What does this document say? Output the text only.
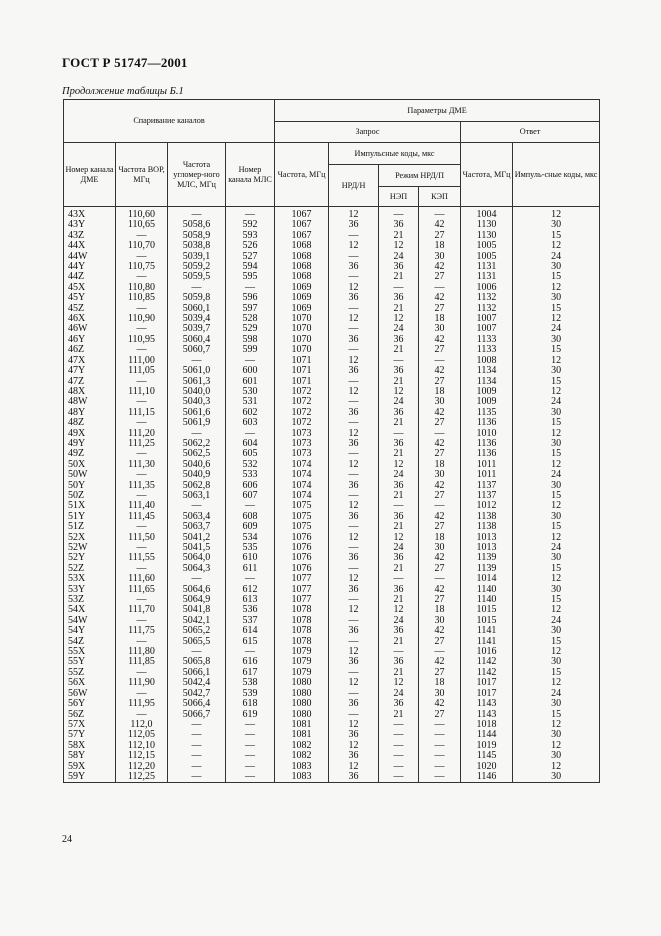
ГОСТ Р 51747—2001
Продолжение таблицы Б.1
Спаривание каналов				Параметры ДМЕ					
				Запрос				Ответ	
Номер канала ДМЕ	Частота ВОР, МГц	Частота угломер-ного МЛС, МГц	Номер канала МЛС	Частота, МГц	Импульсные коды, мкс			Частота, МГц	Импуль-сные коды, мкс
					НРД/Н	Режим НРД/П			
						НЭП	КЭП		
43X	110,60	—	—	1067	12	—	—	1004	12
43Y	110,65	5058,6	592	1067	36	36	42	1130	30
43Z	—	5058,9	593	1067	—	21	27	1130	15
44X	110,70	5038,8	526	1068	12	12	18	1005	12
44W	—	5039,1	527	1068	—	24	30	1005	24
44Y	110,75	5059,2	594	1068	36	36	42	1131	30
44Z	—	5059,5	595	1068	—	21	27	1131	15
45X	110,80	—	—	1069	12	—	—	1006	12
45Y	110,85	5059,8	596	1069	36	36	42	1132	30
45Z	—	5060,1	597	1069	—	21	27	1132	15
46X	110,90	5039,4	528	1070	12	12	18	1007	12
46W	—	5039,7	529	1070	—	24	30	1007	24
46Y	110,95	5060,4	598	1070	36	36	42	1133	30
46Z	—	5060,7	599	1070	—	21	27	1133	15
47X	111,00	—	—	1071	12	—	—	1008	12
47Y	111,05	5061,0	600	1071	36	36	42	1134	30
47Z	—	5061,3	601	1071	—	21	27	1134	15
48X	111,10	5040,0	530	1072	12	12	18	1009	12
48W	—	5040,3	531	1072	—	24	30	1009	24
48Y	111,15	5061,6	602	1072	36	36	42	1135	30
48Z	—	5061,9	603	1072	—	21	27	1136	15
49X	111,20	—	—	1073	12	—	—	1010	12
49Y	111,25	5062,2	604	1073	36	36	42	1136	30
49Z	—	5062,5	605	1073	—	21	27	1136	15
50X	111,30	5040,6	532	1074	12	12	18	1011	12
50W	—	5040,9	533	1074	—	24	30	1011	24
50Y	111,35	5062,8	606	1074	36	36	42	1137	30
50Z	—	5063,1	607	1074	—	21	27	1137	15
51X	111,40	—	—	1075	12	—	—	1012	12
51Y	111,45	5063,4	608	1075	36	36	42	1138	30
51Z	—	5063,7	609	1075	—	21	27	1138	15
52X	111,50	5041,2	534	1076	12	12	18	1013	12
52W	—	5041,5	535	1076	—	24	30	1013	24
52Y	111,55	5064,0	610	1076	36	36	42	1139	30
52Z	—	5064,3	611	1076	—	21	27	1139	15
53X	111,60	—	—	1077	12	—	—	1014	12
53Y	111,65	5064,6	612	1077	36	36	42	1140	30
53Z	—	5064,9	613	1077	—	21	27	1140	15
54X	111,70	5041,8	536	1078	12	12	18	1015	12
54W	—	5042,1	537	1078	—	24	30	1015	24
54Y	111,75	5065,2	614	1078	36	36	42	1141	30
54Z	—	5065,5	615	1078	—	21	27	1141	15
55X	111,80	—	—	1079	12	—	—	1016	12
55Y	111,85	5065,8	616	1079	36	36	42	1142	30
55Z	—	5066,1	617	1079	—	21	27	1142	15
56X	111,90	5042,4	538	1080	12	12	18	1017	12
56W	—	5042,7	539	1080	—	24	30	1017	24
56Y	111,95	5066,4	618	1080	36	36	42	1143	30
56Z	—	5066,7	619	1080	—	21	27	1143	15
57X	112,0	—	—	1081	12	—	—	1018	12
57Y	112,05	—	—	1081	36	—	—	1144	30
58X	112,10	—	—	1082	12	—	—	1019	12
58Y	112,15	—	—	1082	36	—	—	1145	30
59X	112,20	—	—	1083	12	—	—	1020	12
59Y	112,25	—	—	1083	36	—	—	1146	30
24
